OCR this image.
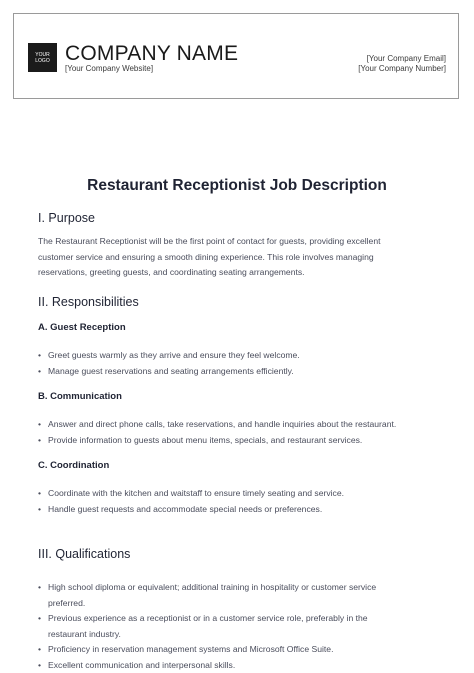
YOUR
LOGO COMPANY NAME
[Your Company Website]
[Your Company Email]
[Your Company Number]
Restaurant Receptionist Job Description
I. Purpose
The Restaurant Receptionist will be the first point of contact for guests, providing excellent
customer service and ensuring a smooth dining experience. This role involves managing
reservations, greeting guests, and coordinating seating arrangements.
II. Responsibilities
A. Guest Reception
• Greet guests warmly as they arrive and ensure they feel welcome.
• Manage guest reservations and seating arrangements efficiently.
B. Communication
• Answer and direct phone calls, take reservations, and handle inquiries about the restaurant.
• Provide information to guests about menu items, specials, and restaurant services.
C. Coordination
• Coordinate with the kitchen and waitstaff to ensure timely seating and service.
• Handle guest requests and accommodate special needs or preferences.
III. Qualifications
• High school diploma or equivalent; additional training in hospitality or customer service preferred.
• Previous experience as a receptionist or in a customer service role, preferably in the restaurant industry.
• Proficiency in reservation management systems and Microsoft Office Suite.
• Excellent communication and interpersonal skills.
